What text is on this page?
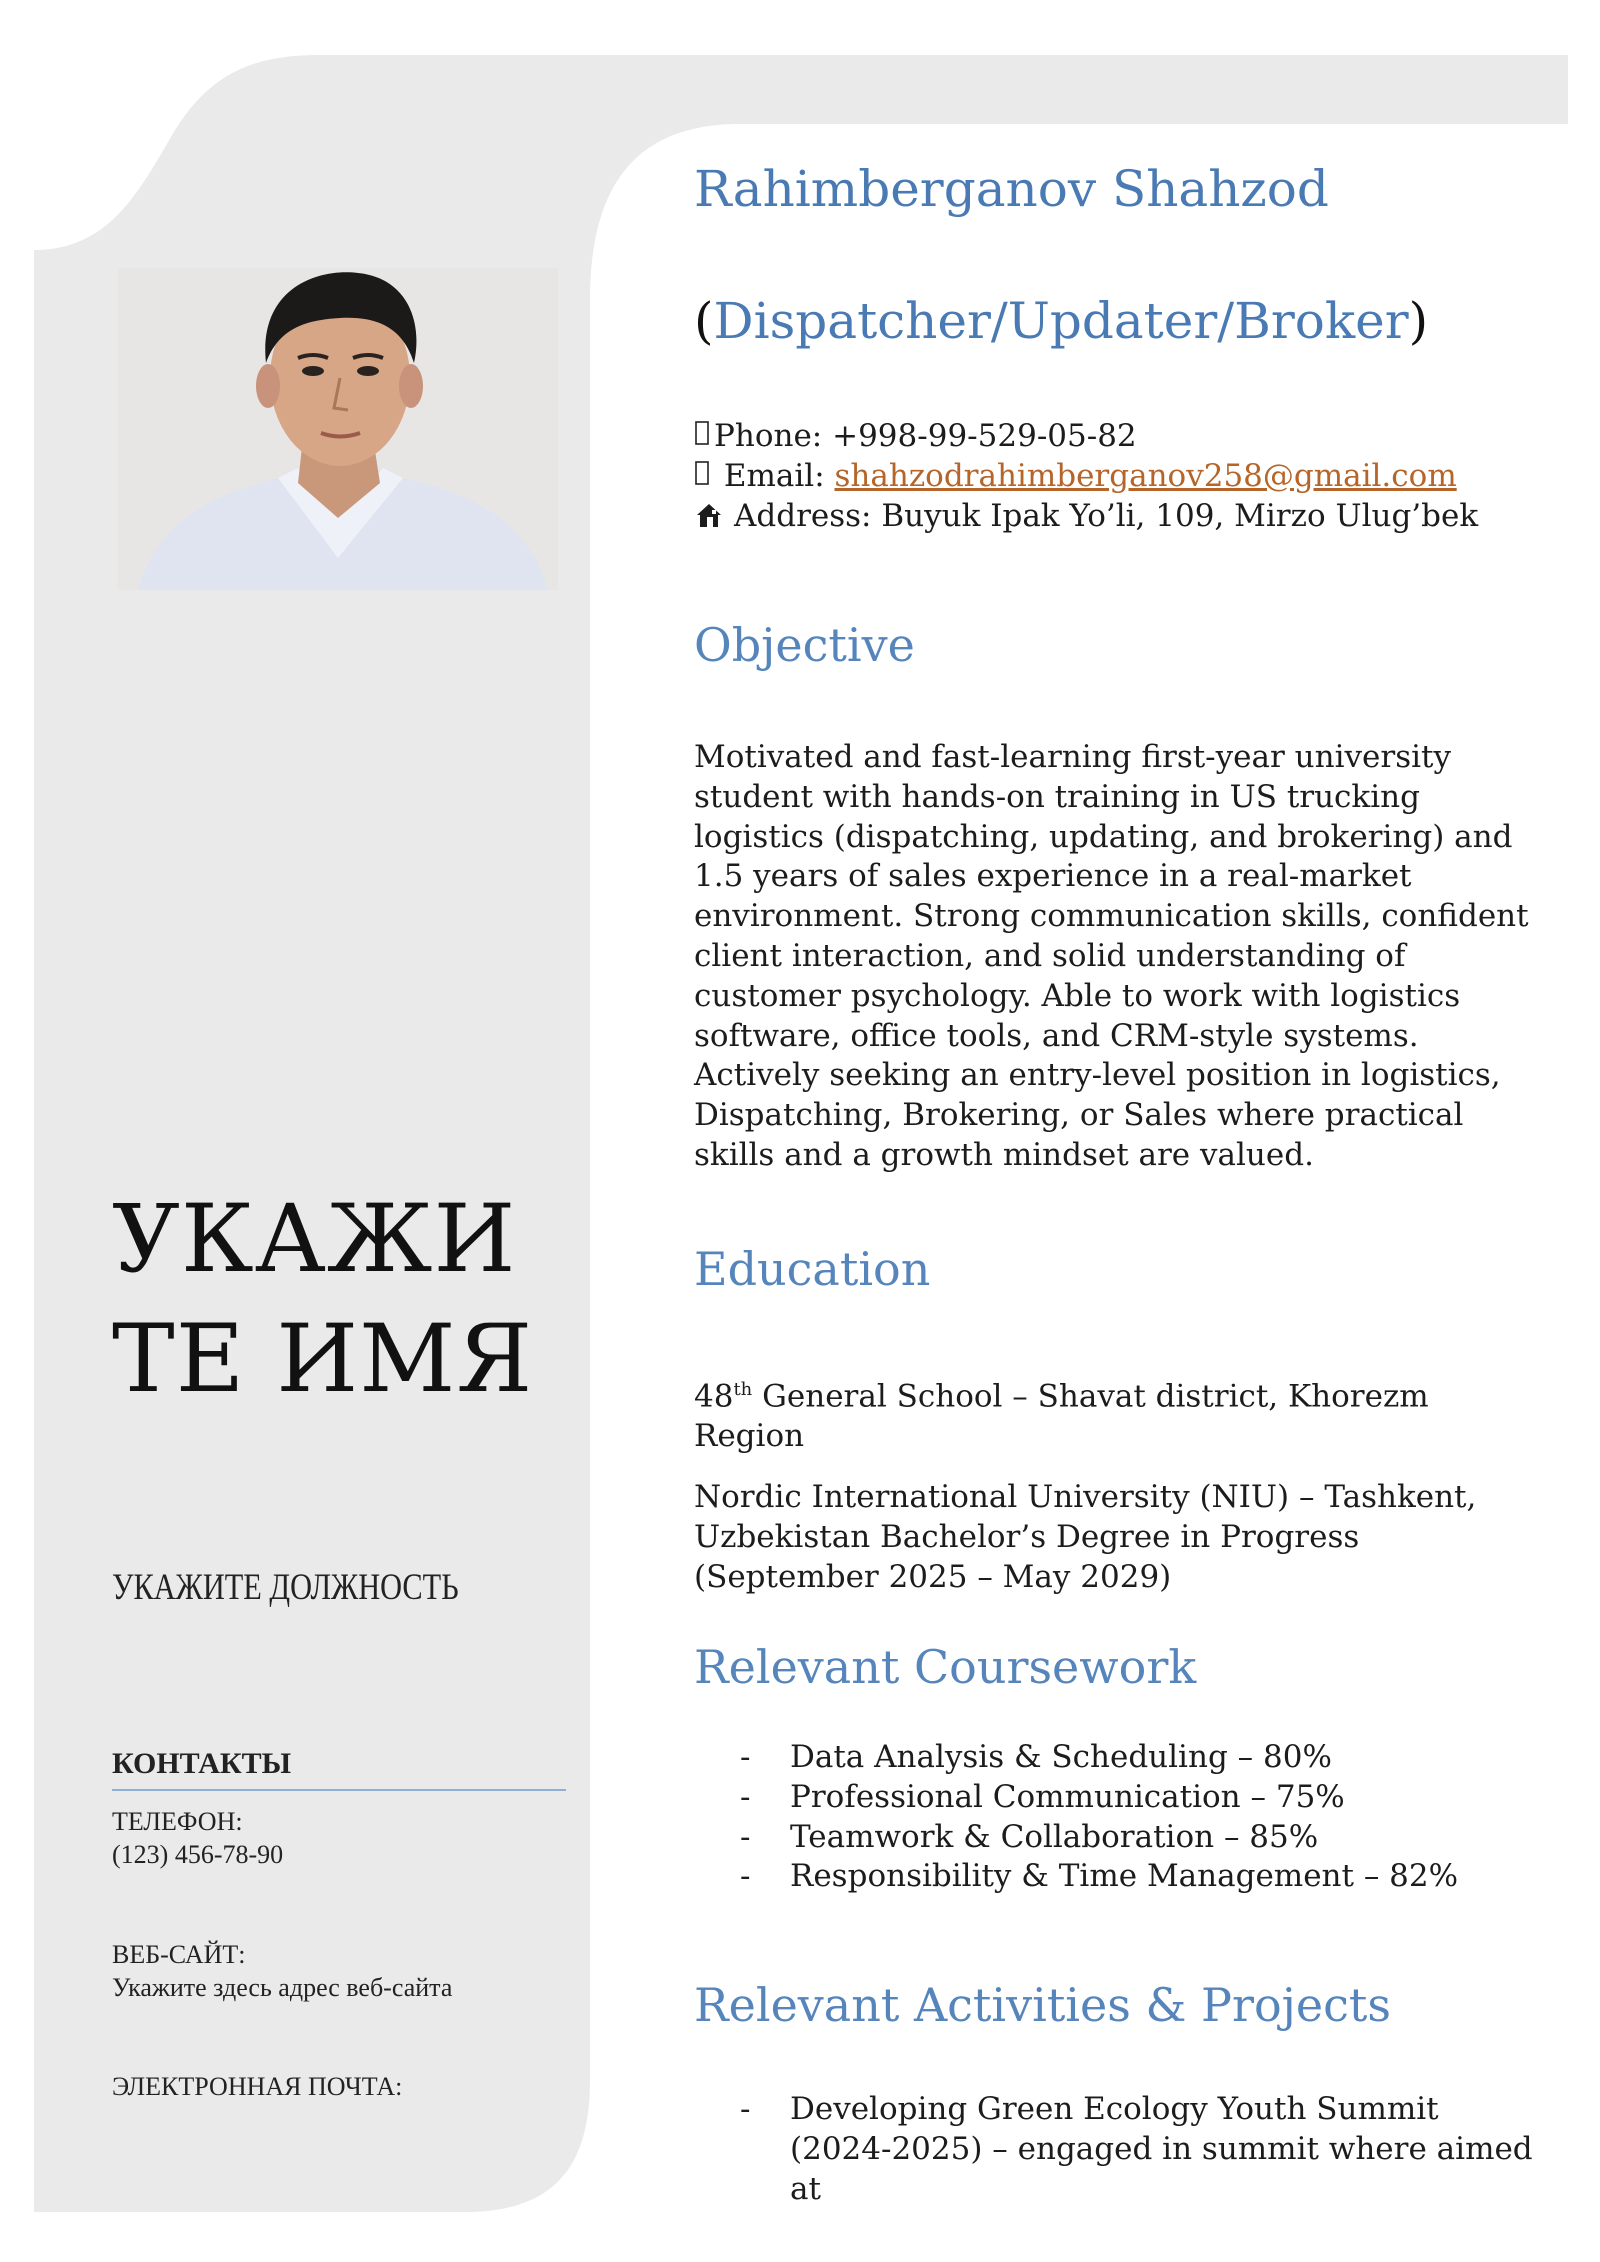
УКАЖИТЕ ИМЯ
УКАЖИТЕ ДОЛЖНОСТЬ
КОНТАКТЫ
ТЕЛЕФОН:
(123) 456-78-90
ВЕБ-САЙТ:
Укажите здесь адрес веб-сайта
ЭЛЕКТРОННАЯ ПОЧТА:
Rahimberganov Shahzod
(Dispatcher/Updater/Broker)
Phone: +998-99-529-05-82
Email: shahzodrahimberganov258@gmail.com
Address: Buyuk Ipak Yo’li, 109, Mirzo Ulug’bek
Objective
Motivated and fast-learning first-year university student with hands-on training in US trucking logistics (dispatching, updating, and brokering) and 1.5 years of sales experience in a real-market environment. Strong communication skills, confident client interaction, and solid understanding of customer psychology. Able to work with logistics software, office tools, and CRM-style systems. Actively seeking an entry-level position in logistics, Dispatching, Brokering, or Sales where practical skills and a growth mindset are valued.
Education
48th General School – Shavat district, Khorezm Region
Nordic International University (NIU) – Tashkent, Uzbekistan Bachelor’s Degree in Progress (September 2025 – May 2029)
Relevant Coursework
- Data Analysis & Scheduling – 80%
- Professional Communication – 75%
- Teamwork & Collaboration – 85%
- Responsibility & Time Management – 82%
Relevant Activities & Projects
- Developing Green Ecology Youth Summit (2024-2025) – engaged in summit where aimed at
